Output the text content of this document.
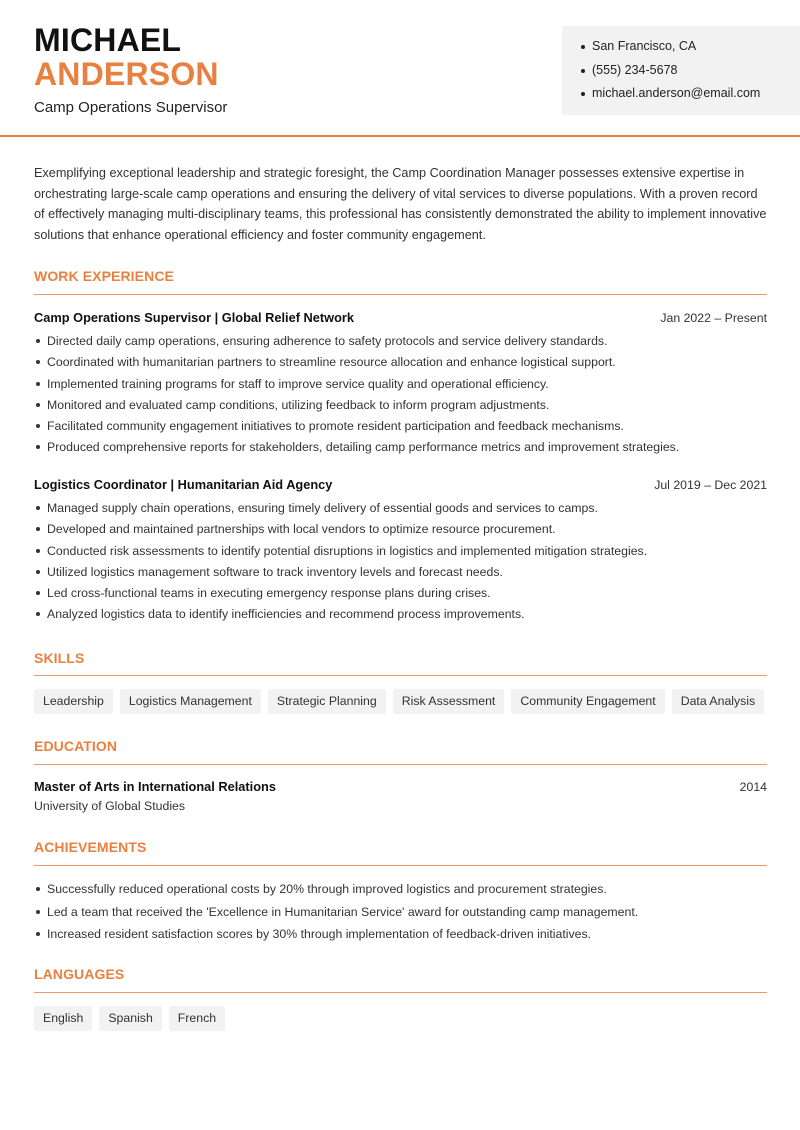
MICHAEL
ANDERSON
Camp Operations Supervisor
San Francisco, CA
(555) 234-5678
michael.anderson@email.com

Exemplifying exceptional leadership and strategic foresight, the Camp Coordination Manager possesses extensive expertise in orchestrating large-scale camp operations and ensuring the delivery of vital services to diverse populations. With a proven record of effectively managing multi-disciplinary teams, this professional has consistently demonstrated the ability to implement innovative solutions that enhance operational efficiency and foster community engagement.

WORK EXPERIENCE
Camp Operations Supervisor | Global Relief Network	Jan 2022 – Present
Directed daily camp operations, ensuring adherence to safety protocols and service delivery standards.
Coordinated with humanitarian partners to streamline resource allocation and enhance logistical support.
Implemented training programs for staff to improve service quality and operational efficiency.
Monitored and evaluated camp conditions, utilizing feedback to inform program adjustments.
Facilitated community engagement initiatives to promote resident participation and feedback mechanisms.
Produced comprehensive reports for stakeholders, detailing camp performance metrics and improvement strategies.
Logistics Coordinator | Humanitarian Aid Agency	Jul 2019 – Dec 2021
Managed supply chain operations, ensuring timely delivery of essential goods and services to camps.
Developed and maintained partnerships with local vendors to optimize resource procurement.
Conducted risk assessments to identify potential disruptions in logistics and implemented mitigation strategies.
Utilized logistics management software to track inventory levels and forecast needs.
Led cross-functional teams in executing emergency response plans during crises.
Analyzed logistics data to identify inefficiencies and recommend process improvements.
SKILLS
Leadership	Logistics Management	Strategic Planning	Risk Assessment	Community Engagement	Data Analysis
EDUCATION
Master of Arts in International Relations	2014
University of Global Studies
ACHIEVEMENTS
Successfully reduced operational costs by 20% through improved logistics and procurement strategies.
Led a team that received the 'Excellence in Humanitarian Service' award for outstanding camp management.
Increased resident satisfaction scores by 30% through implementation of feedback-driven initiatives.
LANGUAGES
English	Spanish	French
